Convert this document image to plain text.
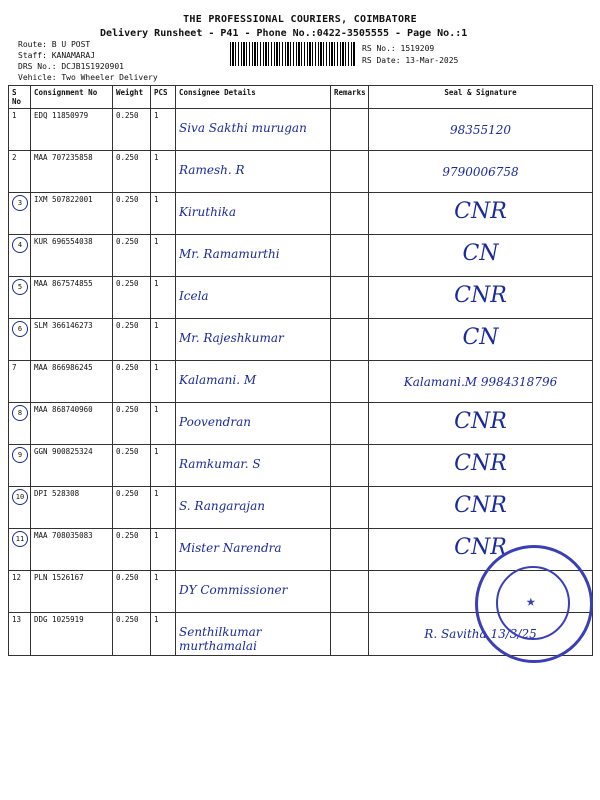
THE PROFESSIONAL COURIERS, COIMBATORE
Delivery Runsheet - P41 - Phone No.:0422-3505555 - Page No.:1
Route: B U POST
Staff: KANAMARAJ
DRS No.: DCJB1S1920901
Vehicle: Two Wheeler Delivery
RS No.: 1519209
RS Date: 13-Mar-2025
S No	Consignment No	Weight	PCS	Consignee Details	Remarks	Seal & Signature
1	EDQ 11850979	0.250	1	Siva Sakthi murugan		98355120

2	MAA 707235858	0.250	1	Ramesh. R		9790006758

3	IXM 507822001	0.250	1	Kiruthika		CNR

4	KUR 696554038	0.250	1	Mr. Ramamurthi		CN

5	MAA 867574855	0.250	1	Icela		CNR

6	SLM 366146273	0.250	1	Mr. Rajeshkumar		CN

7	MAA 866986245	0.250	1	Kalamani. M		Kalamani.M 9984318796

8	MAA 868740960	0.250	1	Poovendran		CNR

9	GGN 900825324	0.250	1	Ramkumar. S		CNR

10	DPI 528308	0.250	1	S. Rangarajan		CNR

11	MAA 708035083	0.250	1	Mister Narendra		CNR

12	PLN 1526167	0.250	1	DY Commissioner		

13	DDG 1025919	0.250	1	Senthilkumar murthamalai		R. Savitha 13/3/25
★
